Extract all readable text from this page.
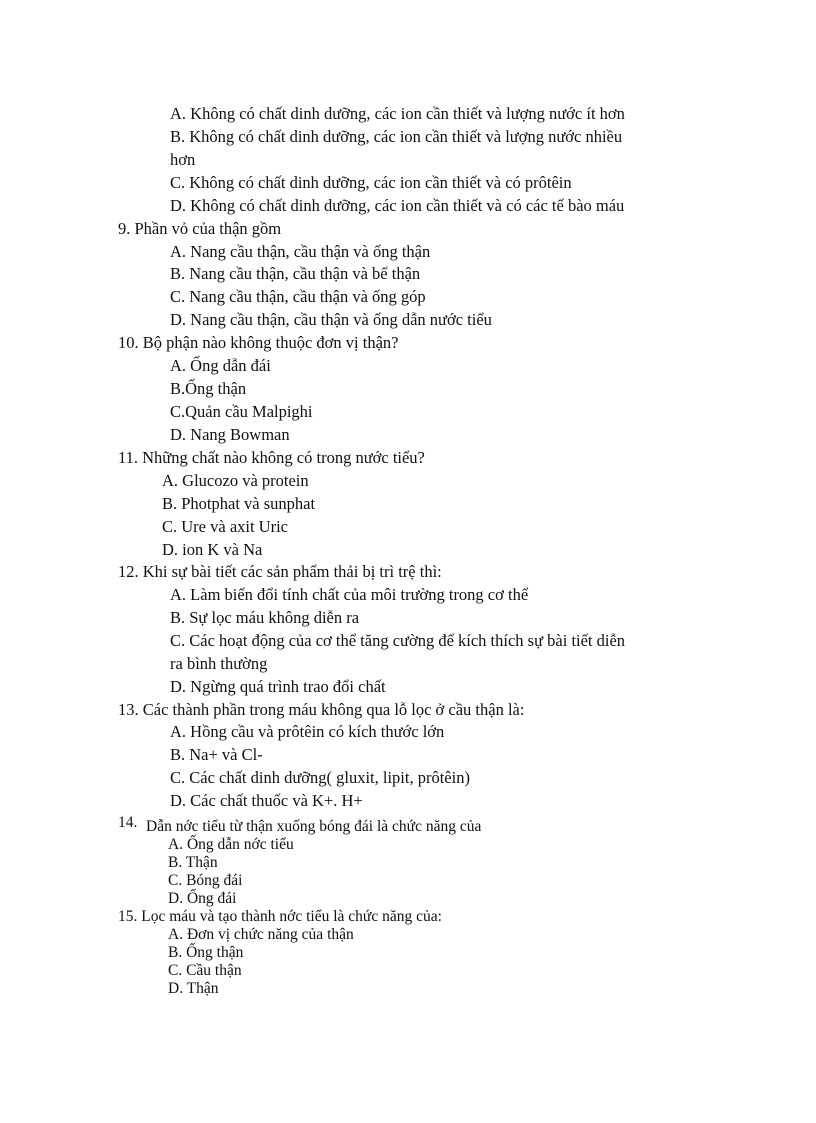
A. Không có chất dinh dưỡng, các ion cần thiết và lượng nước ít hơn
B. Không có chất dinh dưỡng, các ion cần thiết và lượng nước nhiều
hơn
C. Không có chất dinh dưỡng, các ion cần thiết và có prôtêin
D. Không có chất dinh dưỡng, các ion cần thiết và có các tế bào máu
9. Phần vỏ của thận gồm
A. Nang cầu thận, cầu thận và ống thận
B. Nang cầu thận, cầu thận và bể thận
C. Nang cầu thận, cầu thận và ống góp
D. Nang cầu thận, cầu thận và ống dẫn nước tiểu
10. Bộ phận nào không thuộc đơn vị thận?
A. Ống dẫn đái
B.Ống thận
C.Quản cầu Malpighi
D. Nang Bowman
11. Những chất nào không có trong nước tiểu?
A. Glucozo và protein
B. Photphat và sunphat
C. Ure và axit Uric
D. ion K và Na
12. Khi sự bài tiết các sản phẩm thải bị trì trệ thì:
A. Làm biến đổi tính chất của môi trường trong cơ thể
B. Sự lọc máu không diễn ra
C. Các hoạt động của cơ thể tăng cường để kích thích sự bài tiết diễn
ra bình thường
D. Ngừng quá trình trao đổi chất
13. Các thành phần trong máu không qua lỗ lọc ở cầu thận là:
A. Hồng cầu và prôtêin có kích thước lớn
B. Na+ và Cl-
C. Các chất dinh dưỡng( gluxit, lipit, prôtêin)
D. Các chất thuốc và K+. H+
14. Dẫn nớc tiểu từ thận xuống bóng đái là chức năng của
A. Ống dẫn nớc tiểu
B. Thận
C. Bóng đái
D. Ống đái
15. Lọc máu và tạo thành nớc tiểu là chức năng của:
A. Đơn vị chức năng của thận
B. Ống thận
C. Cầu thận
D. Thận
